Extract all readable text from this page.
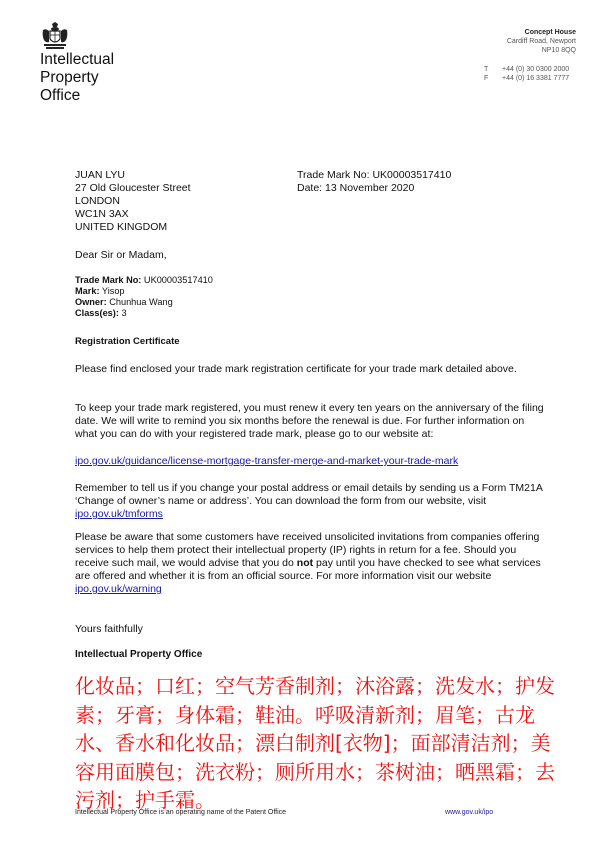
Intellectual
Property
Office
Concept House
Cardiff Road, Newport
NP10 8QQ
T +44 (0) 30 0300 2000
F +44 (0) 16 3381 7777
JUAN LYU
27 Old Gloucester Street
LONDON
WC1N 3AX
UNITED KINGDOM
Trade Mark No: UK00003517410
Date: 13 November 2020
Dear Sir or Madam,
Trade Mark No: UK00003517410
Mark: Yisop
Owner: Chunhua Wang
Class(es): 3
Registration Certificate
Please find enclosed your trade mark registration certificate for your trade mark detailed above.
To keep your trade mark registered, you must renew it every ten years on the anniversary of the filing date. We will write to remind you six months before the renewal is due. For further information on what you can do with your registered trade mark, please go to our website at:
ipo.gov.uk/guidance/license-mortgage-transfer-merge-and-market-your-trade-mark
Remember to tell us if you change your postal address or email details by sending us a Form TM21A ‘Change of owner’s name or address’. You can download the form from our website, visit ipo.gov.uk/tmforms
Please be aware that some customers have received unsolicited invitations from companies offering services to help them protect their intellectual property (IP) rights in return for a fee. Should you receive such mail, we would advise that you do not pay until you have checked to see what services are offered and whether it is from an official source. For more information visit our website ipo.gov.uk/warning
Yours faithfully
Intellectual Property Office
化妆品；口红；空气芳香制剂；沐浴露；洗发水；护发素；牙膏；身体霜；鞋油。呼吸清新剂；眉笔；古龙水、香水和化妆品；漂白制剂[衣物]；面部清洁剂；美容用面膜包；洗衣粉；厕所用水；茶树油；晒黑霜；去污剂；护手霜。
Intellectual Property Office is an operating name of the Patent Office	www.gov.uk/ipo
